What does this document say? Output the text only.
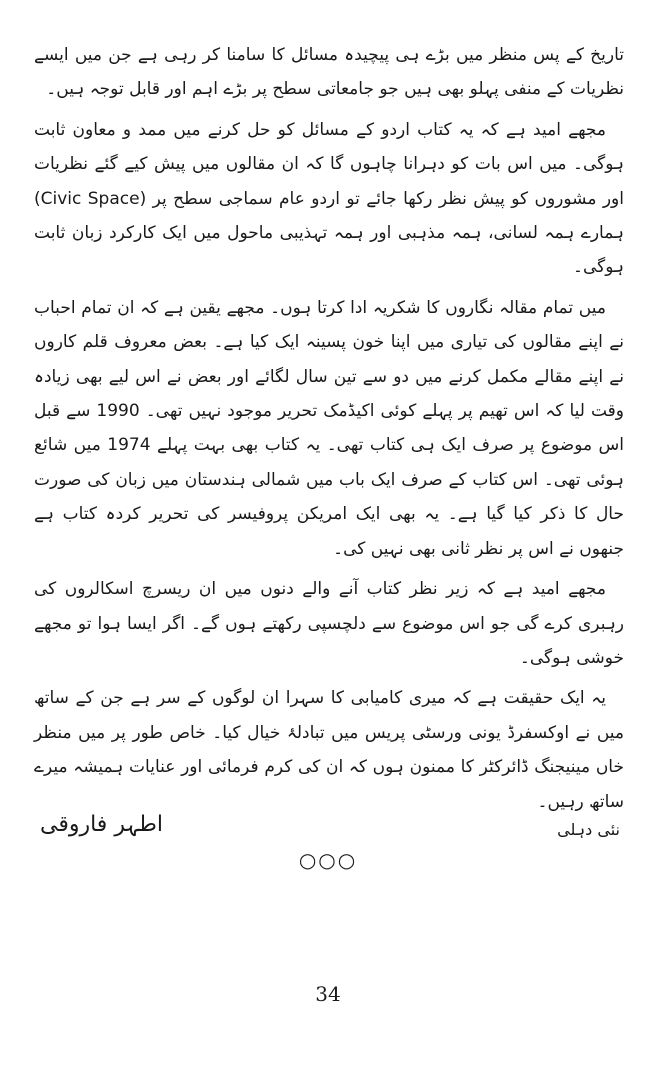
تاریخ کے پس منظر میں بڑے ہی پیچیدہ مسائل کا سامنا کر رہی ہے جن میں ایسے نظریات کے منفی پہلو بھی ہیں جو جامعاتی سطح پر بڑے اہم اور قابل توجہ ہیں۔

مجھے امید ہے کہ یہ کتاب اردو کے مسائل کو حل کرنے میں ممد و معاون ثابت ہوگی۔ میں اس بات کو دہرانا چاہوں گا کہ ان مقالوں میں پیش کیے گئے نظریات اور مشوروں کو پیش نظر رکھا جائے تو اردو عام سماجی سطح پر (Civic Space) ہمارے ہمہ لسانی، ہمہ مذہبی اور ہمہ تہذیبی ماحول میں ایک کارکرد زبان ثابت ہوگی۔

میں تمام مقالہ نگاروں کا شکریہ ادا کرتا ہوں۔ مجھے یقین ہے کہ ان تمام احباب نے اپنے مقالوں کی تیاری میں اپنا خون پسینہ ایک کیا ہے۔ بعض معروف قلم کاروں نے اپنے مقالے مکمل کرنے میں دو سے تین سال لگائے اور بعض نے اس لیے بھی زیادہ وقت لیا کہ اس تھیم پر پہلے کوئی اکیڈمک تحریر موجود نہیں تھی۔ 1990 سے قبل اس موضوع پر صرف ایک ہی کتاب تھی۔ یہ کتاب بھی بہت پہلے 1974 میں شائع ہوئی تھی۔ اس کتاب کے صرف ایک باب میں شمالی ہندستان میں زبان کی صورت حال کا ذکر کیا گیا ہے۔ یہ بھی ایک امریکن پروفیسر کی تحریر کردہ کتاب ہے جنھوں نے اس پر نظر ثانی بھی نہیں کی۔

مجھے امید ہے کہ زیر نظر کتاب آنے والے دنوں میں ان ریسرچ اسکالروں کی رہبری کرے گی جو اس موضوع سے دلچسپی رکھتے ہوں گے۔ اگر ایسا ہوا تو مجھے خوشی ہوگی۔

یہ ایک حقیقت ہے کہ میری کامیابی کا سہرا ان لوگوں کے سر ہے جن کے ساتھ میں نے اوکسفرڈ یونی ورسٹی پریس میں تبادلۂ خیال کیا۔ خاص طور پر میں منظر خاں مینیجنگ ڈائرکٹر کا ممنون ہوں کہ ان کی کرم فرمائی اور عنایات ہمیشہ میرے ساتھ رہیں۔

نئی دہلی
اطہر فاروقی
○○○
34
